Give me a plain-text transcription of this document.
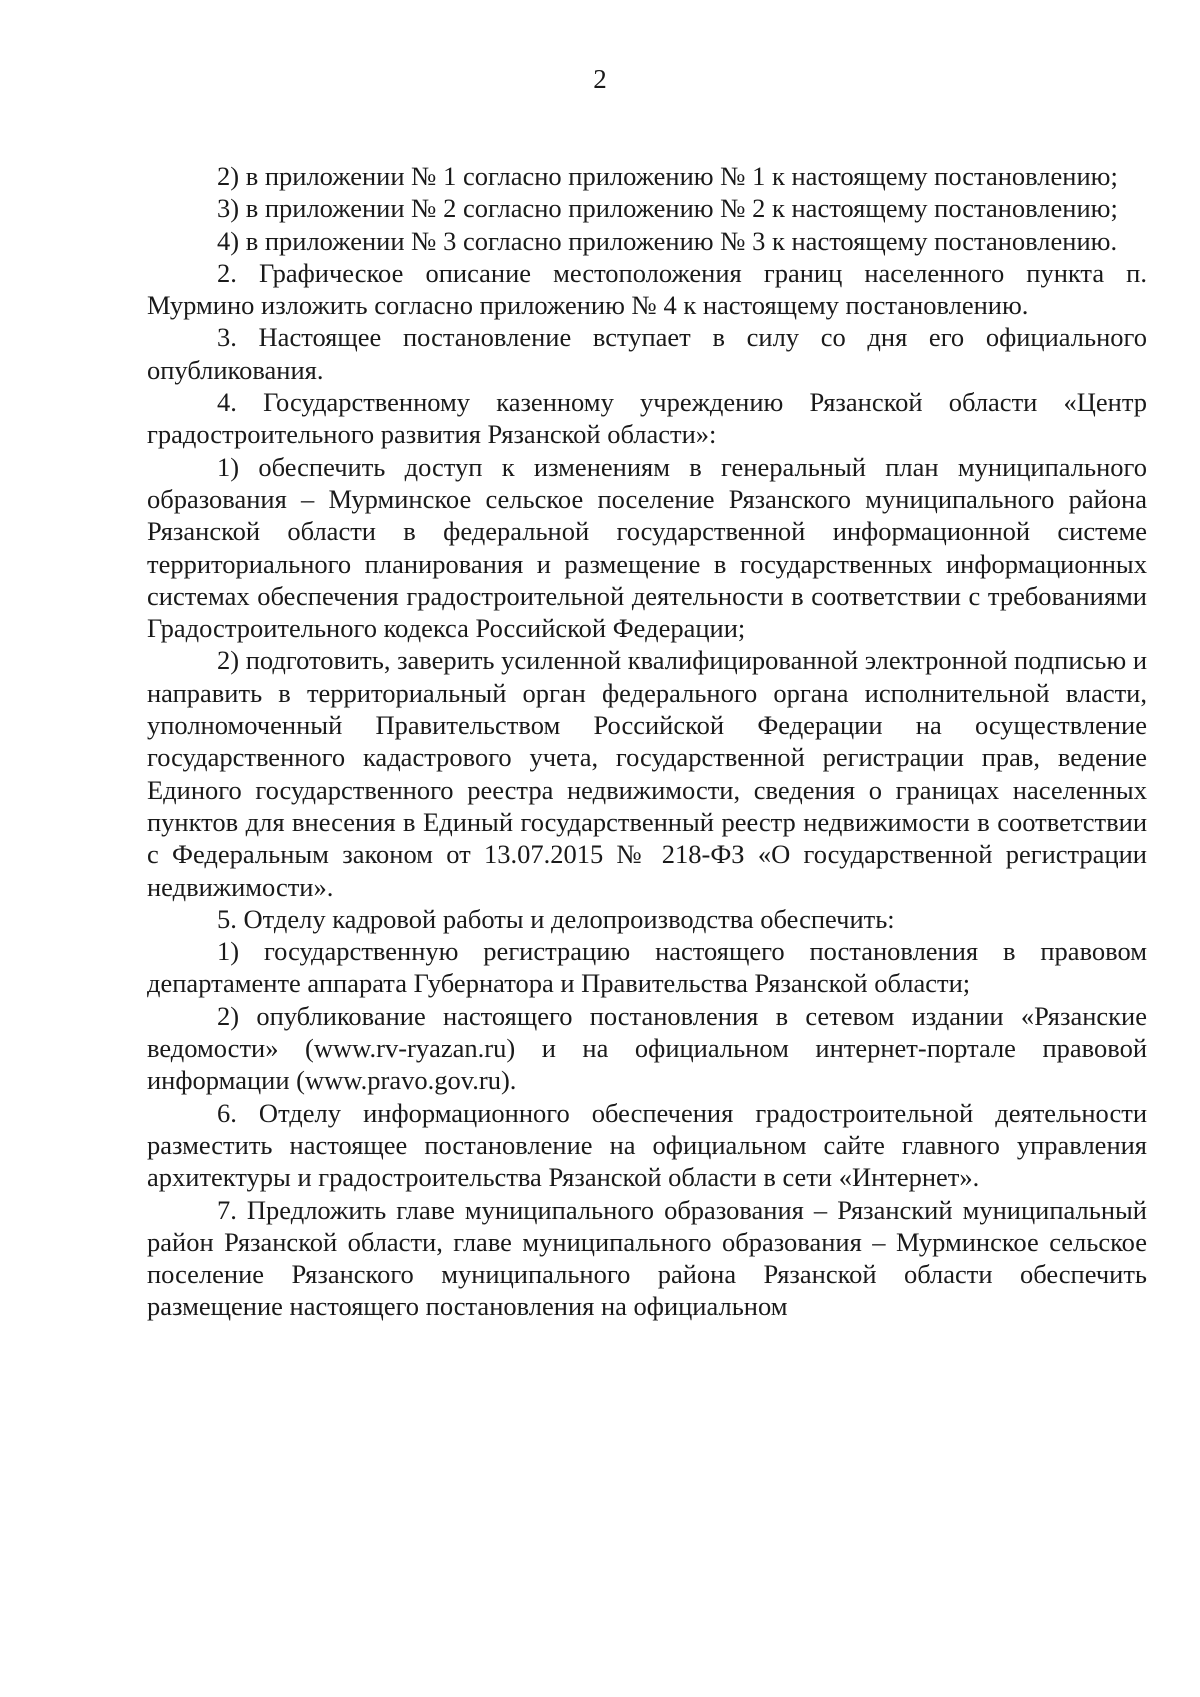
2

2) в приложении № 1 согласно приложению № 1 к настоящему постановлению;

3) в приложении № 2 согласно приложению № 2 к настоящему постановлению;

4) в приложении № 3 согласно приложению № 3 к настоящему постановлению.

2. Графическое описание местоположения границ населенного пункта п. Мурмино изложить согласно приложению № 4 к настоящему постановлению.

3. Настоящее постановление вступает в силу со дня его официального опубликования.

4. Государственному казенному учреждению Рязанской области «Центр градостроительного развития Рязанской области»:

1) обеспечить доступ к изменениям в генеральный план муниципального образования – Мурминское сельское поселение Рязанского муниципального района Рязанской области в федеральной государственной информационной системе территориального планирования и размещение в государственных информационных системах обеспечения градостроительной деятельности в соответствии с требованиями Градостроительного кодекса Российской Федерации;

2) подготовить, заверить усиленной квалифицированной электронной подписью и направить в территориальный орган федерального органа исполнительной власти, уполномоченный Правительством Российской Федерации на осуществление государственного кадастрового учета, государственной регистрации прав, ведение Единого государственного реестра недвижимости, сведения о границах населенных пунктов для внесения в Единый государственный реестр недвижимости в соответствии с Федеральным законом от 13.07.2015 № 218-ФЗ «О государственной регистрации недвижимости».

5. Отделу кадровой работы и делопроизводства обеспечить:

1) государственную регистрацию настоящего постановления в правовом департаменте аппарата Губернатора и Правительства Рязанской области;

2) опубликование настоящего постановления в сетевом издании «Рязанские ведомости» (www.rv-ryazan.ru) и на официальном интернет-портале правовой информации (www.pravo.gov.ru).

6. Отделу информационного обеспечения градостроительной деятельности разместить настоящее постановление на официальном сайте главного управления архитектуры и градостроительства Рязанской области в сети «Интернет».

7. Предложить главе муниципального образования – Рязанский муниципальный район Рязанской области, главе муниципального образования – Мурминское сельское поселение Рязанского муниципального района Рязанской области обеспечить размещение настоящего постановления на официальном
